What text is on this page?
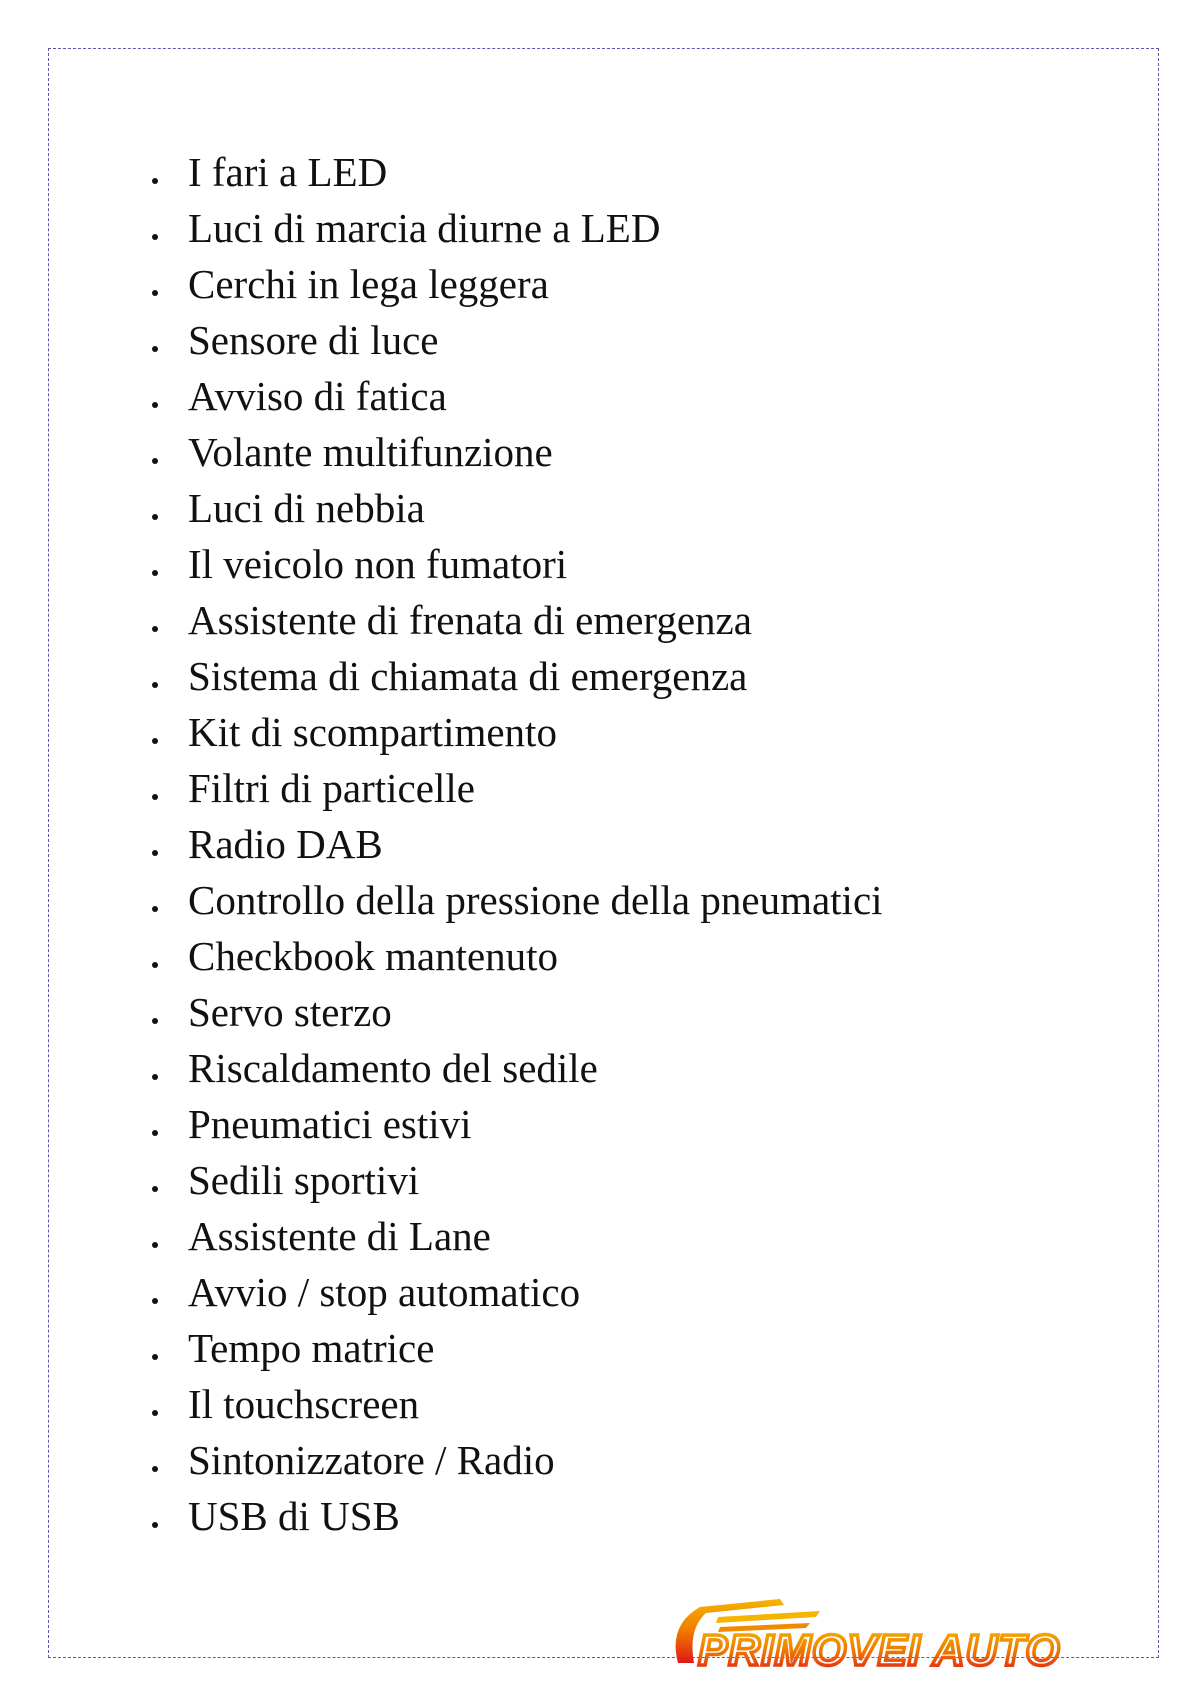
I fari a LED
Luci di marcia diurne a LED
Cerchi in lega leggera
Sensore di luce
Avviso di fatica
Volante multifunzione
Luci di nebbia
Il veicolo non fumatori
Assistente di frenata di emergenza
Sistema di chiamata di emergenza
Kit di scompartimento
Filtri di particelle
Radio DAB
Controllo della pressione della pneumatici
Checkbook mantenuto
Servo sterzo
Riscaldamento del sedile
Pneumatici estivi
Sedili sportivi
Assistente di Lane
Avvio / stop automatico
Tempo matrice
Il touchscreen
Sintonizzatore / Radio
USB di USB
PRIMOVEI AUTO
